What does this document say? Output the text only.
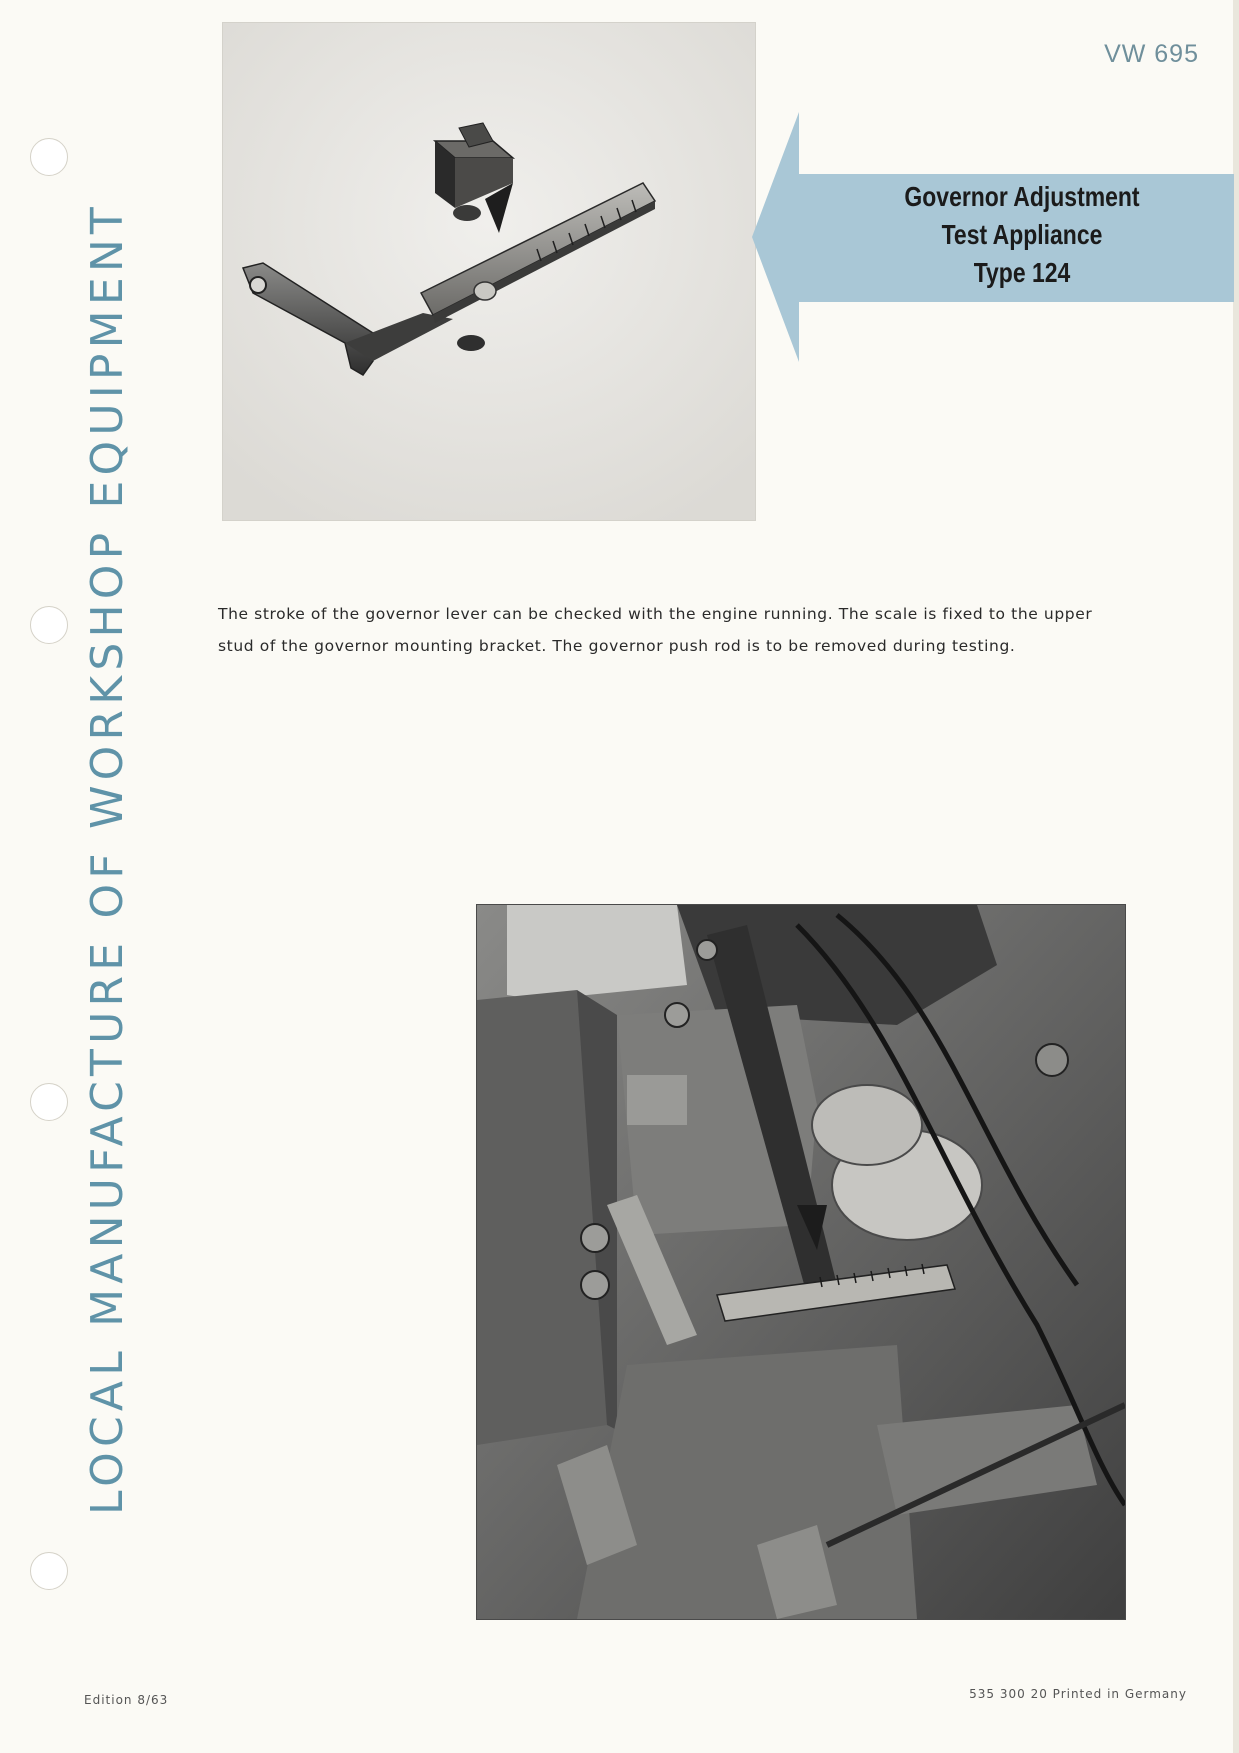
LOCAL MANUFACTURE OF WORKSHOP EQUIPMENT
VW 695
Governor Adjustment
Test Appliance
Type 124
The stroke of the governor lever can be checked with the engine running. The scale is fixed to the upper
stud of the governor mounting bracket. The governor push rod is to be removed during testing.
Edition 8/63	535 300 20 Printed in Germany
